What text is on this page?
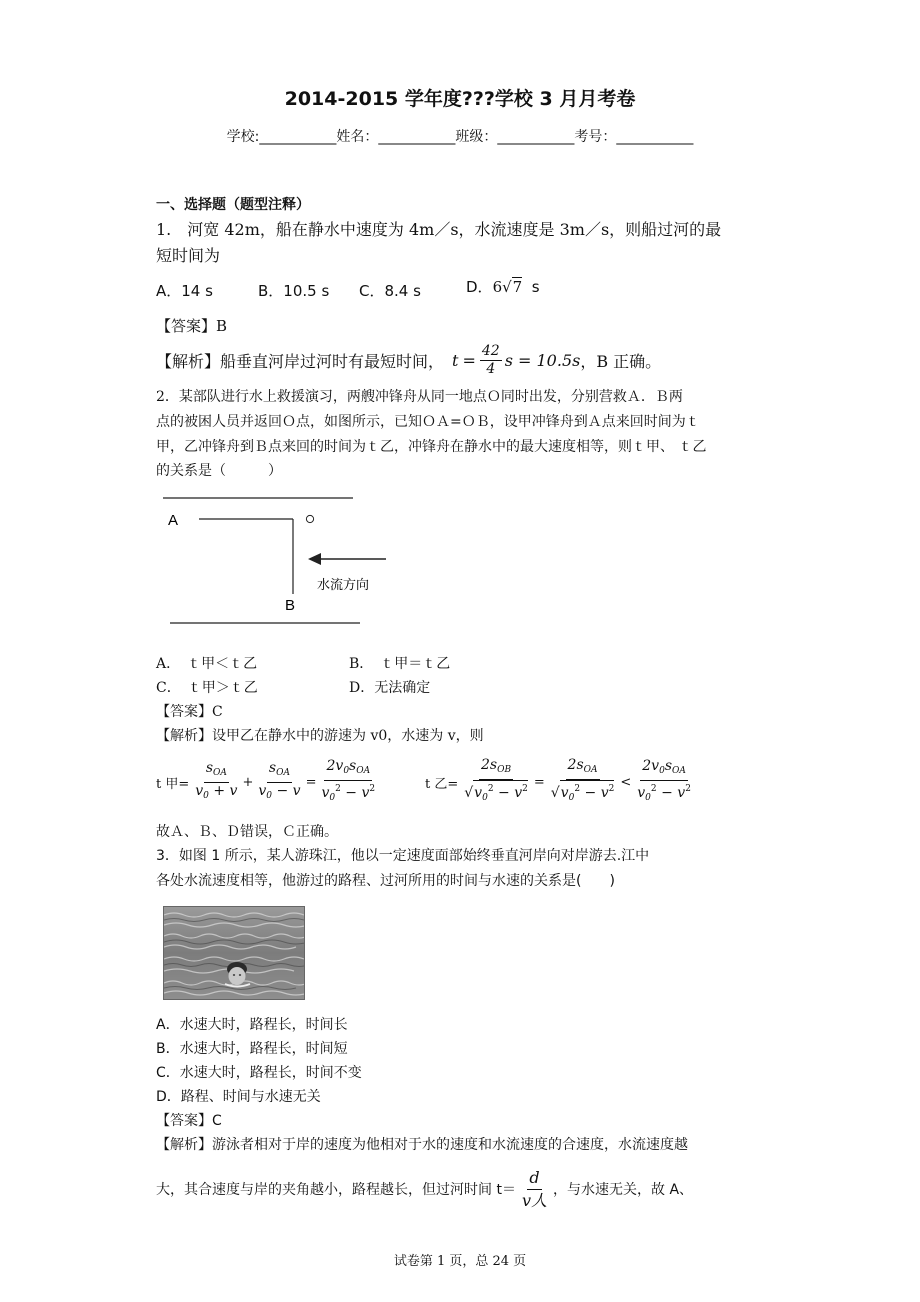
2014-2015 学年度???学校 3 月月考卷
学校:___________姓名：___________班级：___________考号：___________
一、选择题（题型注释）
1.　河宽 42m，船在静水中速度为 4m／s，水流速度是 3m／s，则船过河的最
短时间为
A．14 s	B．10.5 s C．8.4 s	D．6√7 s
【答案】B
【解析】 船垂直河岸过河时有最短时间， $t = \frac{42}{4}$ s = 10.5s ，B 正确。
2．某部队进行水上救援演习，两艘冲锋舟从同一地点Ｏ同时出发，分别营救Ａ．Ｂ两
点的被困人员并返回Ｏ点，如图所示，已知ＯＡ=ＯＢ，设甲冲锋舟到Ａ点来回时间为ｔ
甲，乙冲锋舟到Ｂ点来回的时间为ｔ乙，冲锋舟在静水中的最大速度相等，则ｔ甲、 ｔ乙
的关系是（　　　）
A
B
水流方向
A．　ｔ甲＜ｔ乙	B．　ｔ甲＝ｔ乙
C．　ｔ甲＞ｔ乙	D．无法确定
【答案】C
【解析】设甲乙在静水中的游速为 v0，水速为 v，则
t 甲= $\frac{s_{OA}}{v_0 + v} + \frac{s_{OA}}{v_0 - v} = \frac{2v_0s_{OA}}{v_0^2 - v^2}$	t 乙= $\frac{2s_{OB}}{√v_0^2 - v^2} = \frac{2s_{OA}}{√v_0^2 - v^2} < \frac{2v_0s_{OA}}{v_0^2 - v^2}$
故Ａ、Ｂ、Ｄ错误，Ｃ正确。
3．如图 1 所示，某人游珠江，他以一定速度面部始终垂直河岸向对岸游去.江中
各处水流速度相等，他游过的路程、过河所用的时间与水速的关系是(　　)
A．水速大时，路程长，时间长
B．水速大时，路程长，时间短
C．水速大时，路程长，时间不变
D．路程、时间与水速无关
【答案】C
【解析】游泳者相对于岸的速度为他相对于水的速度和水流速度的合速度，水流速度越
大，其合速度与岸的夹角越小，路程越长，但过河时间 $t= \frac{d}{\text{v人}}$ ，与水速无关，故 A、
试卷第 1 页，总 24 页
